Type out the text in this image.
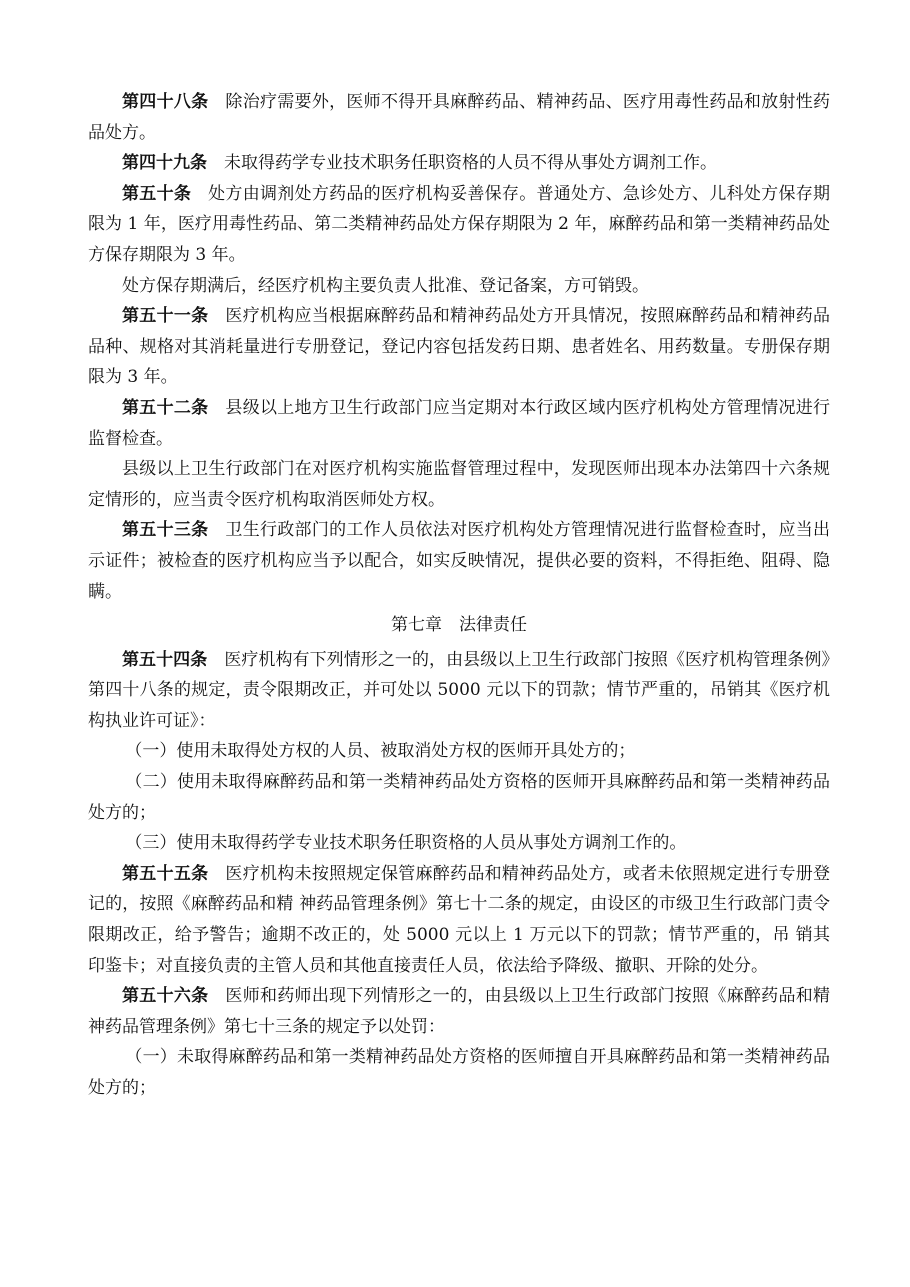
第四十八条 除治疗需要外，医师不得开具麻醉药品、精神药品、医疗用毒性药品和放射性药品处方。

第四十九条 未取得药学专业技术职务任职资格的人员不得从事处方调剂工作。

第五十条 处方由调剂处方药品的医疗机构妥善保存。普通处方、急诊处方、儿科处方保存期限为 1 年，医疗用毒性药品、第二类精神药品处方保存期限为 2 年，麻醉药品和第一类精神药品处方保存期限为 3 年。

处方保存期满后，经医疗机构主要负责人批准、登记备案，方可销毁。

第五十一条 医疗机构应当根据麻醉药品和精神药品处方开具情况，按照麻醉药品和精神药品品种、规格对其消耗量进行专册登记，登记内容包括发药日期、患者姓名、用药数量。专册保存期限为 3 年。

第五十二条 县级以上地方卫生行政部门应当定期对本行政区域内医疗机构处方管理情况进行监督检查。

县级以上卫生行政部门在对医疗机构实施监督管理过程中，发现医师出现本办法第四十六条规定情形的，应当责令医疗机构取消医师处方权。

第五十三条 卫生行政部门的工作人员依法对医疗机构处方管理情况进行监督检查时，应当出示证件；被检查的医疗机构应当予以配合，如实反映情况，提供必要的资料，不得拒绝、阻碍、隐瞒。

第七章　法律责任

第五十四条 医疗机构有下列情形之一的，由县级以上卫生行政部门按照《医疗机构管理条例》第四十八条的规定，责令限期改正，并可处以 5000 元以下的罚款；情节严重的，吊销其《医疗机构执业许可证》：

（一）使用未取得处方权的人员、被取消处方权的医师开具处方的；

（二）使用未取得麻醉药品和第一类精神药品处方资格的医师开具麻醉药品和第一类精神药品处方的；

（三）使用未取得药学专业技术职务任职资格的人员从事处方调剂工作的。

第五十五条 医疗机构未按照规定保管麻醉药品和精神药品处方，或者未依照规定进行专册登记的，按照《麻醉药品和精 神药品管理条例》第七十二条的规定，由设区的市级卫生行政部门责令限期改正，给予警告；逾期不改正的，处 5000 元以上 1 万元以下的罚款；情节严重的，吊 销其印鉴卡；对直接负责的主管人员和其他直接责任人员，依法给予降级、撤职、开除的处分。

第五十六条 医师和药师出现下列情形之一的，由县级以上卫生行政部门按照《麻醉药品和精神药品管理条例》第七十三条的规定予以处罚：

（一）未取得麻醉药品和第一类精神药品处方资格的医师擅自开具麻醉药品和第一类精神药品处方的；
